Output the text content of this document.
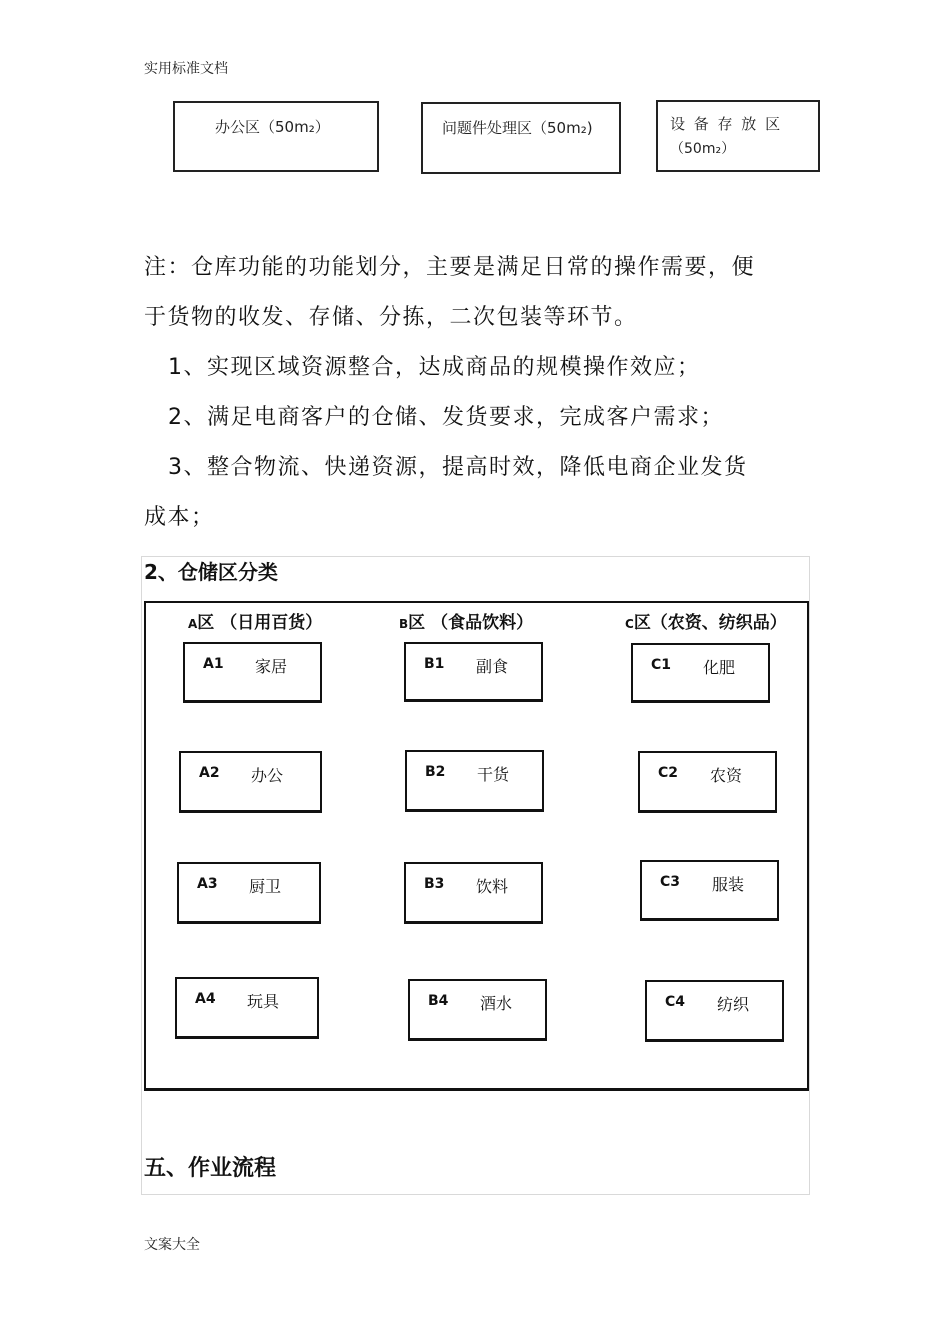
实用标准文档
办公区（50m₂）	问题件处理区（50m₂)	设 备 存 放 区
（50m₂）
注：仓库功能的功能划分，主要是满足日常的操作需要，便
于货物的收发、存储、分拣，二次包装等环节。
1、实现区域资源整合，达成商品的规模操作效应；
2、满足电商客户的仓储、发货要求，完成客户需求；
3、整合物流、快递资源，提高时效，降低电商企业发货
成本；
2、仓储区分类
A区 （日用百货）	B区 （食品饮料）	C区（农资、纺织品）
A1 家居	B1 副食	C1 化肥
A2 办公	B2 干货	C2 农资
A3 厨卫	B3 饮料	C3 服装
A4 玩具	B4 酒水	C4 纺织
五、作业流程
文案大全
